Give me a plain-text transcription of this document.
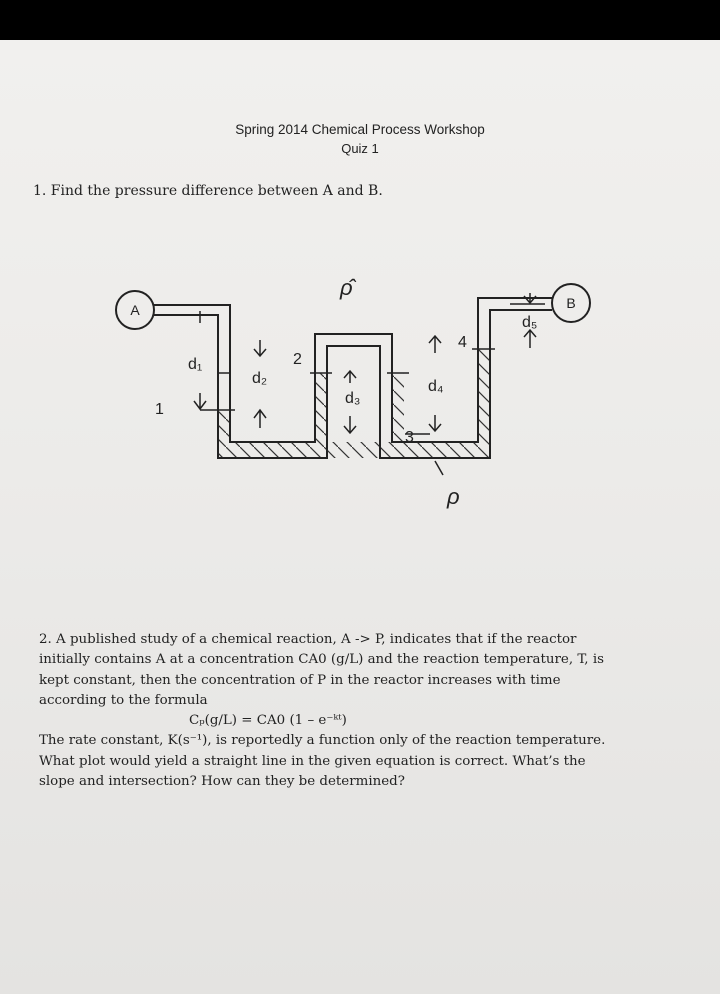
Spring 2014 Chemical Process Workshop
Quiz 1
1. Find the pressure difference between A and B.
A	B
d₁
d₂
d₃
d₄
d₅
1
2
3
4
ρ̂
ρ

2. A published study of a chemical reaction, A -> P, indicates that if the reactor

initially contains A at a concentration CA0 (g/L) and the reaction temperature, T, is

kept constant, then the concentration of P in the reactor increases with time

according to the formula

Cₚ(g/L) = CA0 (1 – e⁻ᵏᵗ)

The rate constant, K(s⁻¹), is reportedly a function only of the reaction temperature.

What plot would yield a straight line in the given equation is correct. What’s the

slope and intersection? How can they be determined?
